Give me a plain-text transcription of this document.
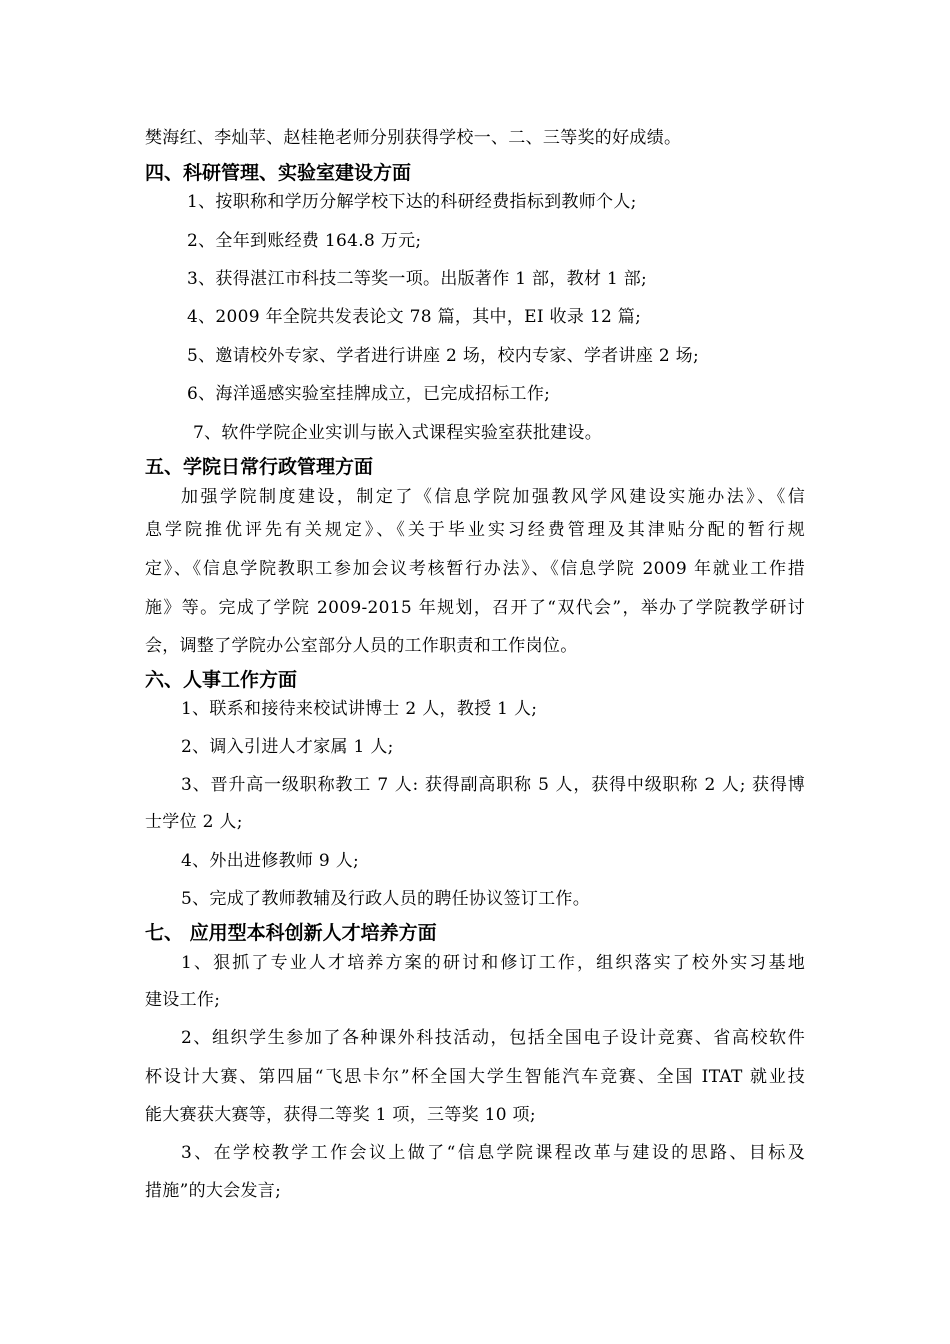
樊海红、李灿苹、赵桂艳老师分别获得学校一、二、三等奖的好成绩。
四、科研管理、实验室建设方面
1、按职称和学历分解学校下达的科研经费指标到教师个人;
2、全年到账经费 164.8 万元;
3、获得湛江市科技二等奖一项。出版著作 1 部，教材 1 部;
4、2009 年全院共发表论文 78 篇，其中，EI 收录 12 篇;
5、邀请校外专家、学者进行讲座 2 场，校内专家、学者讲座 2 场;
6、海洋遥感实验室挂牌成立，已完成招标工作;
7、软件学院企业实训与嵌入式课程实验室获批建设。
五、学院日常行政管理方面
加强学院制度建设，制定了《信息学院加强教风学风建设实施办法》、《信
息学院推优评先有关规定》、《关于毕业实习经费管理及其津贴分配的暂行规
定》、《信息学院教职工参加会议考核暂行办法》、《信息学院 2009 年就业工作措
施》等。完成了学院 2009-2015 年规划，召开了“双代会”，举办了学院教学研讨
会，调整了学院办公室部分人员的工作职责和工作岗位。
六、人事工作方面
1、联系和接待来校试讲博士 2 人，教授 1 人;
2、调入引进人才家属 1 人;
3、晋升高一级职称教工 7 人: 获得副高职称 5 人，获得中级职称 2 人; 获得博
士学位 2 人;
4、外出进修教师 9 人;
5、完成了教师教辅及行政人员的聘任协议签订工作。
七、 应用型本科创新人才培养方面
1、狠抓了专业人才培养方案的研讨和修订工作，组织落实了校外实习基地
建设工作;
2、组织学生参加了各种课外科技活动，包括全国电子设计竞赛、省高校软件
杯设计大赛、第四届“飞思卡尔”杯全国大学生智能汽车竞赛、全国 ITAT 就业技
能大赛获大赛等，获得二等奖 1 项，三等奖 10 项;
3、在学校教学工作会议上做了“信息学院课程改革与建设的思路、目标及
措施”的大会发言;
